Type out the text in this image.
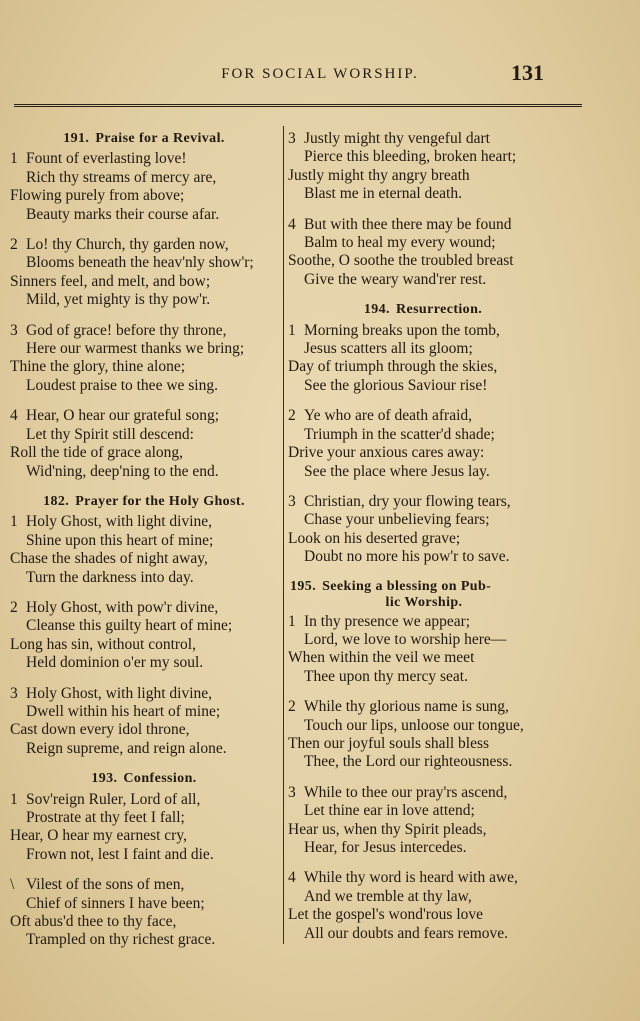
FOR SOCIAL WORSHIP.	131
191. Praise for a Revival.
1 Fount of everlasting love!
Rich thy streams of mercy are,
Flowing purely from above;
Beauty marks their course afar.
2 Lo! thy Church, thy garden now,
Blooms beneath the heav'nly show'r;
Sinners feel, and melt, and bow;
Mild, yet mighty is thy pow'r.
3 God of grace! before thy throne,
Here our warmest thanks we bring;
Thine the glory, thine alone;
Loudest praise to thee we sing.
4 Hear, O hear our grateful song;
Let thy Spirit still descend:
Roll the tide of grace along,
Wid'ning, deep'ning to the end.
182. Prayer for the Holy Ghost.
1 Holy Ghost, with light divine,
Shine upon this heart of mine;
Chase the shades of night away,
Turn the darkness into day.
2 Holy Ghost, with pow'r divine,
Cleanse this guilty heart of mine;
Long has sin, without control,
Held dominion o'er my soul.
3 Holy Ghost, with light divine,
Dwell within his heart of mine;
Cast down every idol throne,
Reign supreme, and reign alone.
193. Confession.
1 Sov'reign Ruler, Lord of all,
Prostrate at thy feet I fall;
Hear, O hear my earnest cry,
Frown not, lest I faint and die.
\ Vilest of the sons of men,
Chief of sinners I have been;
Oft abus'd thee to thy face,
Trampled on thy richest grace.
3 Justly might thy vengeful dart
Pierce this bleeding, broken heart;
Justly might thy angry breath
Blast me in eternal death.
4 But with thee there may be found
Balm to heal my every wound;
Soothe, O soothe the troubled breast
Give the weary wand'rer rest.
194. Resurrection.
1 Morning breaks upon the tomb,
Jesus scatters all its gloom;
Day of triumph through the skies,
See the glorious Saviour rise!
2 Ye who are of death afraid,
Triumph in the scatter'd shade;
Drive your anxious cares away:
See the place where Jesus lay.
3 Christian, dry your flowing tears,
Chase your unbelieving fears;
Look on his deserted grave;
Doubt no more his pow'r to save.
195. Seeking a blessing on Pub-
lic Worship.
1 In thy presence we appear;
Lord, we love to worship here—
When within the veil we meet
Thee upon thy mercy seat.
2 While thy glorious name is sung,
Touch our lips, unloose our tongue,
Then our joyful souls shall bless
Thee, the Lord our righteousness.
3 While to thee our pray'rs ascend,
Let thine ear in love attend;
Hear us, when thy Spirit pleads,
Hear, for Jesus intercedes.
4 While thy word is heard with awe,
And we tremble at thy law,
Let the gospel's wond'rous love
All our doubts and fears remove.
